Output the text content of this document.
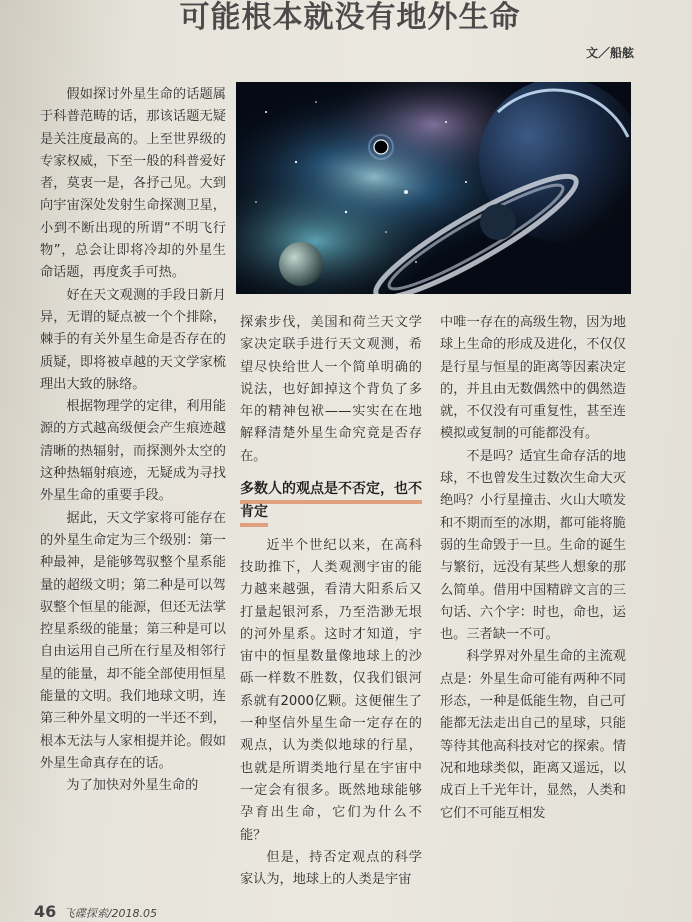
可能根本就没有地外生命
文／船舷

假如探讨外星生命的话题属于科普范畴的话，那该话题无疑是关注度最高的。上至世界级的专家权威，下至一般的科普爱好者，莫衷一是，各抒己见。大到向宇宙深处发射生命探测卫星，小到不断出现的所谓“不明飞行物”，总会让即将冷却的外星生命话题，再度炙手可热。

好在天文观测的手段日新月异，无谓的疑点被一个个排除，棘手的有关外星生命是否存在的质疑，即将被卓越的天文学家梳理出大致的脉络。

根据物理学的定律，利用能源的方式越高级便会产生痕迹越清晰的热辐射，而探测外太空的这种热辐射痕迹，无疑成为寻找外星生命的重要手段。

据此，天文学家将可能存在的外星生命定为三个级别：第一种最神，是能够驾驭整个星系能量的超级文明；第二种是可以驾驭整个恒星的能源，但还无法掌控星系级的能量；第三种是可以自由运用自己所在行星及相邻行星的能量，却不能全部使用恒星能量的文明。我们地球文明，连第三种外星文明的一半还不到，根本无法与人家相提并论。假如外星生命真存在的话。

为了加快对外星生命的

探索步伐，美国和荷兰天文学家决定联手进行天文观测，希望尽快给世人一个简单明确的说法，也好卸掉这个背负了多年的精神包袱——实实在在地解释清楚外星生命究竟是否存在。

多数人的观点是不否定，也不肯定

近半个世纪以来，在高科技助推下，人类观测宇宙的能力越来越强，看清大阳系后又打量起银河系，乃至浩渺无垠的河外星系。这时才知道，宇宙中的恒星数量像地球上的沙砾一样数不胜数，仅我们银河系就有2000亿颗。这便催生了一种坚信外星生命一定存在的观点，认为类似地球的行星，也就是所谓类地行星在宇宙中一定会有很多。既然地球能够孕育出生命，它们为什么不能？

但是，持否定观点的科学家认为，地球上的人类是宇宙

中唯一存在的高级生物，因为地球上生命的形成及进化，不仅仅是行星与恒星的距离等因素决定的，并且由无数偶然中的偶然造就，不仅没有可重复性，甚至连模拟或复制的可能都没有。

不是吗？适宜生命存活的地球，不也曾发生过数次生命大灭绝吗？小行星撞击、火山大喷发和不期而至的冰期，都可能将脆弱的生命毁于一旦。生命的诞生与繁衍，远没有某些人想象的那么简单。借用中国精辟文言的三句话、六个字：时也，命也，运也。三者缺一不可。

科学界对外星生命的主流观点是：外星生命可能有两种不同形态，一种是低能生物，自己可能都无法走出自己的星球，只能等待其他高科技对它的探索。情况和地球类似，距离又遥远，以成百上千光年计，显然，人类和它们不可能互相发

46 飞碟探索/2018.05
